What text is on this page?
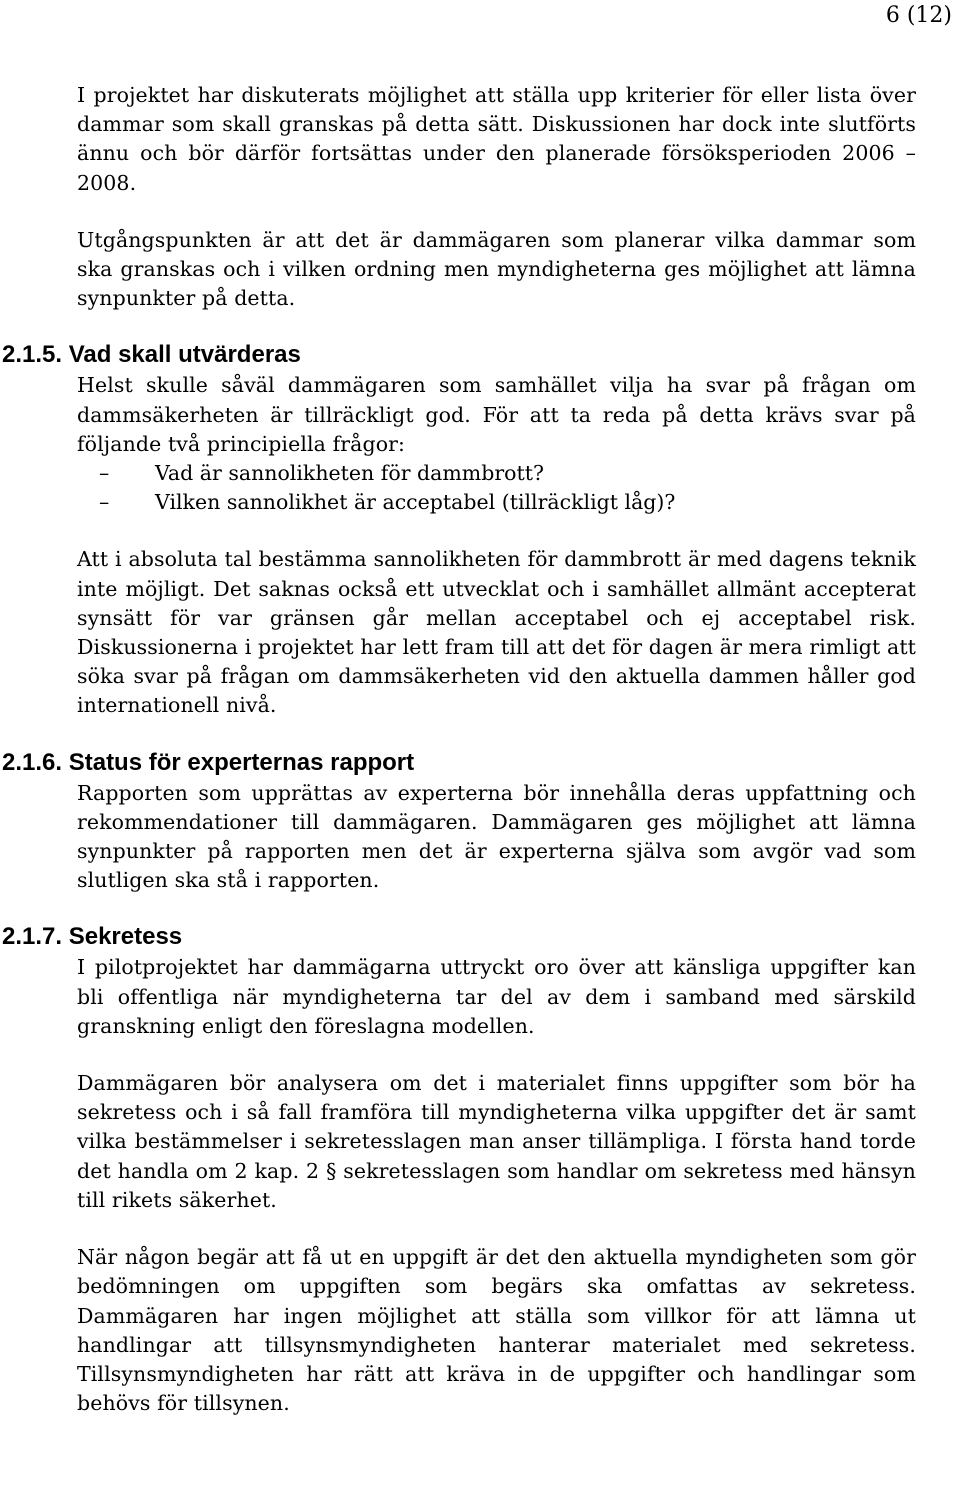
6 (12)

I projektet har diskuterats möjlighet att ställa upp kriterier för eller lista över dammar som skall granskas på detta sätt. Diskussionen har dock inte slutförts ännu och bör därför fortsättas under den planerade försöksperioden 2006 – 2008.

Utgångspunkten är att det är dammägaren som planerar vilka dammar som ska granskas och i vilken ordning men myndigheterna ges möjlighet att lämna synpunkter på detta.

2.1.5. Vad skall utvärderas

Helst skulle såväl dammägaren som samhället vilja ha svar på frågan om dammsäkerheten är tillräckligt god. För att ta reda på detta krävs svar på följande två principiella frågor:

– Vad är sannolikheten för dammbrott?
– Vilken sannolikhet är acceptabel (tillräckligt låg)?

Att i absoluta tal bestämma sannolikheten för dammbrott är med dagens teknik inte möjligt. Det saknas också ett utvecklat och i samhället allmänt accepterat synsätt för var gränsen går mellan acceptabel och ej acceptabel risk. Diskussionerna i projektet har lett fram till att det för dagen är mera rimligt att söka svar på frågan om dammsäkerheten vid den aktuella dammen håller god internationell nivå.

2.1.6. Status för experternas rapport

Rapporten som upprättas av experterna bör innehålla deras uppfattning och rekommendationer till dammägaren. Dammägaren ges möjlighet att lämna synpunkter på rapporten men det är experterna själva som avgör vad som slutligen ska stå i rapporten.

2.1.7. Sekretess

I pilotprojektet har dammägarna uttryckt oro över att känsliga uppgifter kan bli offentliga när myndigheterna tar del av dem i samband med särskild granskning enligt den föreslagna modellen.

Dammägaren bör analysera om det i materialet finns uppgifter som bör ha sekretess och i så fall framföra till myndigheterna vilka uppgifter det är samt vilka bestämmelser i sekretesslagen man anser tillämpliga. I första hand torde det handla om 2 kap. 2 § sekretesslagen som handlar om sekretess med hänsyn till rikets säkerhet.

När någon begär att få ut en uppgift är det den aktuella myndigheten som gör bedömningen om uppgiften som begärs ska omfattas av sekretess. Dammägaren har ingen möjlighet att ställa som villkor för att lämna ut handlingar att tillsynsmyndigheten hanterar materialet med sekretess. Tillsynsmyndigheten har rätt att kräva in de uppgifter och handlingar som behövs för tillsynen.
